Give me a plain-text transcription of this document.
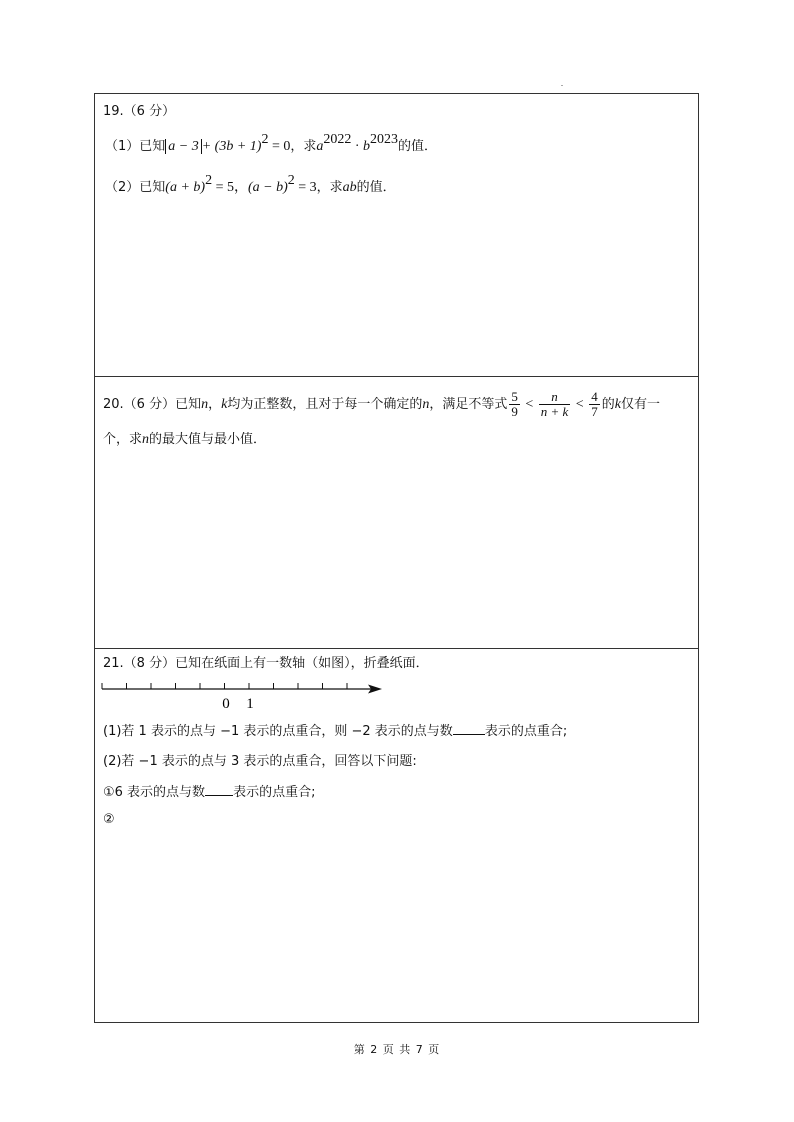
19.（6 分）
（1）已知 $a - 3 + (3b + 1)^2 = 0$，求$a^{2022} \cdot b^{2023}$的值．
（2）已知$(a + b)^2 = 5$，$(a - b)^2 = 3$，求ab的值．
20.（6 分）已知n，k均为正整数，且对于每一个确定的n，满足不等式 $\frac{5}{9} < \frac{n}{n + k} < \frac{4}{7}$ 的k仅有一
个，求n的最大值与最小值．
21.（8 分）已知在纸面上有一数轴（如图），折叠纸面．
0 1
(1)若 1 表示的点与 −1 表示的点重合，则 −2 表示的点与数 表示的点重合;
(2)若 −1 表示的点与 3 表示的点重合，回答以下问题:
①6 表示的点与数 表示的点重合;
②
第 2 页 共 7 页
